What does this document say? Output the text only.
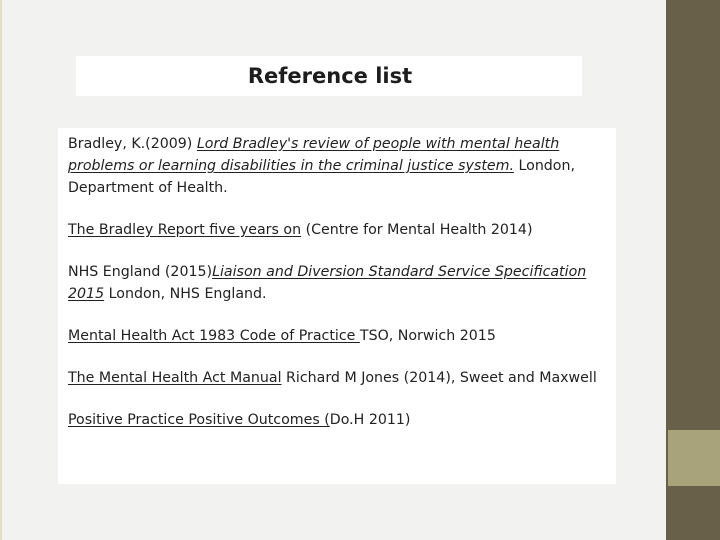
Reference list

Bradley, K.(2009) Lord Bradley's review of people with mental health problems or learning disabilities in the criminal justice system. London, Department of Health.

The Bradley Report five years on (Centre for Mental Health 2014)

NHS England (2015)Liaison and Diversion Standard Service Specification 2015 London, NHS England.

Mental Health Act 1983 Code of Practice TSO, Norwich 2015

The Mental Health Act Manual Richard M Jones (2014), Sweet and Maxwell

Positive Practice Positive Outcomes (Do.H 2011)
